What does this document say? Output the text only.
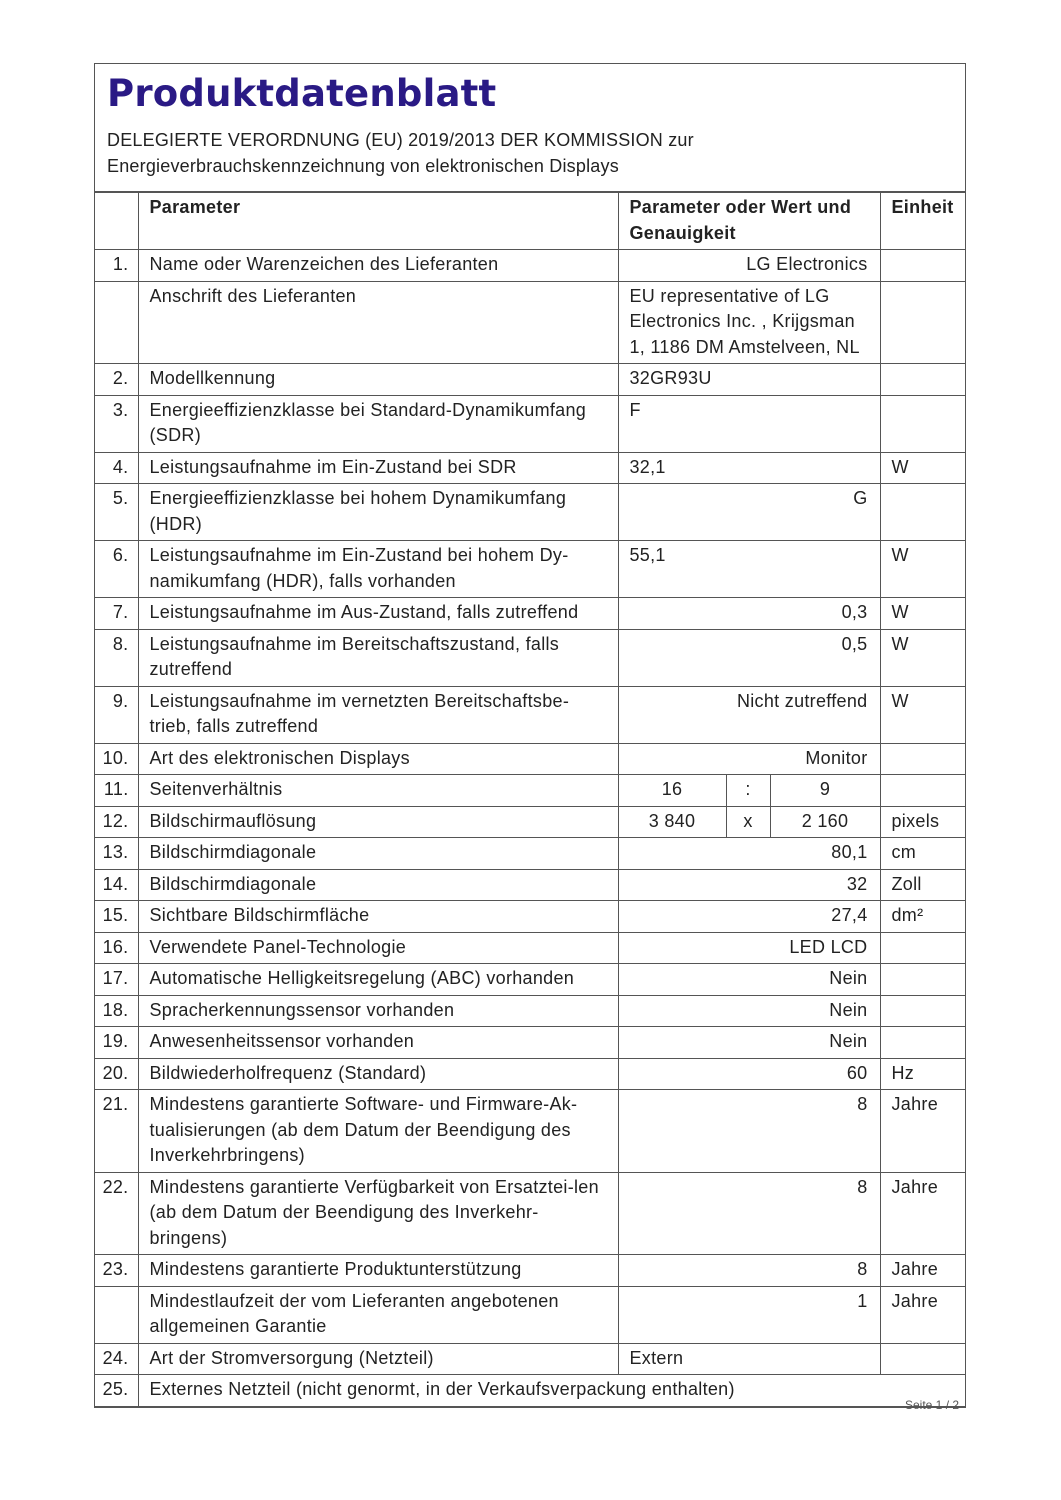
Produktdatenblatt
DELEGIERTE VERORDNUNG (EU) 2019/2013 DER KOMMISSION zur
Energieverbrauchskennzeichnung von elektronischen Displays
	Parameter	Parameter oder Wert und Genauigkeit			Einheit
1.	Name oder Warenzeichen des Lieferanten	LG Electronics			
	Anschrift des Lieferanten	EU representative of LG Electronics Inc. , Krijgsman 1, 1186 DM Amstelveen, NL			
2.	Modellkennung	32GR93U			
3.	Energieeffizienzklasse bei Standard-Dynamikumfang (SDR)	F			
4.	Leistungsaufnahme im Ein-Zustand bei SDR	32,1			W
5.	Energieeffizienzklasse bei hohem Dynamikumfang (HDR)	G			
6.	Leistungsaufnahme im Ein-Zustand bei hohem Dy-namikumfang (HDR), falls vorhanden	55,1			W
7.	Leistungsaufnahme im Aus-Zustand, falls zutreffend	0,3			W
8.	Leistungsaufnahme im Bereitschaftszustand, falls zutreffend	0,5			W
9.	Leistungsaufnahme im vernetzten Bereitschaftsbe-trieb, falls zutreffend	Nicht zutreffend			W
10.	Art des elektronischen Displays	Monitor			
11.	Seitenverhältnis	16	:	9	
12.	Bildschirmauflösung	3 840	x	2 160	pixels
13.	Bildschirmdiagonale	80,1			cm
14.	Bildschirmdiagonale	32			Zoll
15.	Sichtbare Bildschirmfläche	27,4			dm²
16.	Verwendete Panel-Technologie	LED LCD			
17.	Automatische Helligkeitsregelung (ABC) vorhanden	Nein			
18.	Spracherkennungssensor vorhanden	Nein			
19.	Anwesenheitssensor vorhanden	Nein			
20.	Bildwiederholfrequenz (Standard)	60			Hz
21.	Mindestens garantierte Software- und Firmware-Ak-tualisierungen (ab dem Datum der Beendigung des Inverkehrbringens)	8			Jahre
22.	Mindestens garantierte Verfügbarkeit von Ersatztei-len (ab dem Datum der Beendigung des Inverkehr-bringens)	8			Jahre
23.	Mindestens garantierte Produktunterstützung	8			Jahre
	Mindestlaufzeit der vom Lieferanten angebotenen allgemeinen Garantie	1			Jahre
24.	Art der Stromversorgung (Netzteil)	Extern			
25.	Externes Netzteil (nicht genormt, in der Verkaufsverpackung enthalten)				
Seite 1 / 2
